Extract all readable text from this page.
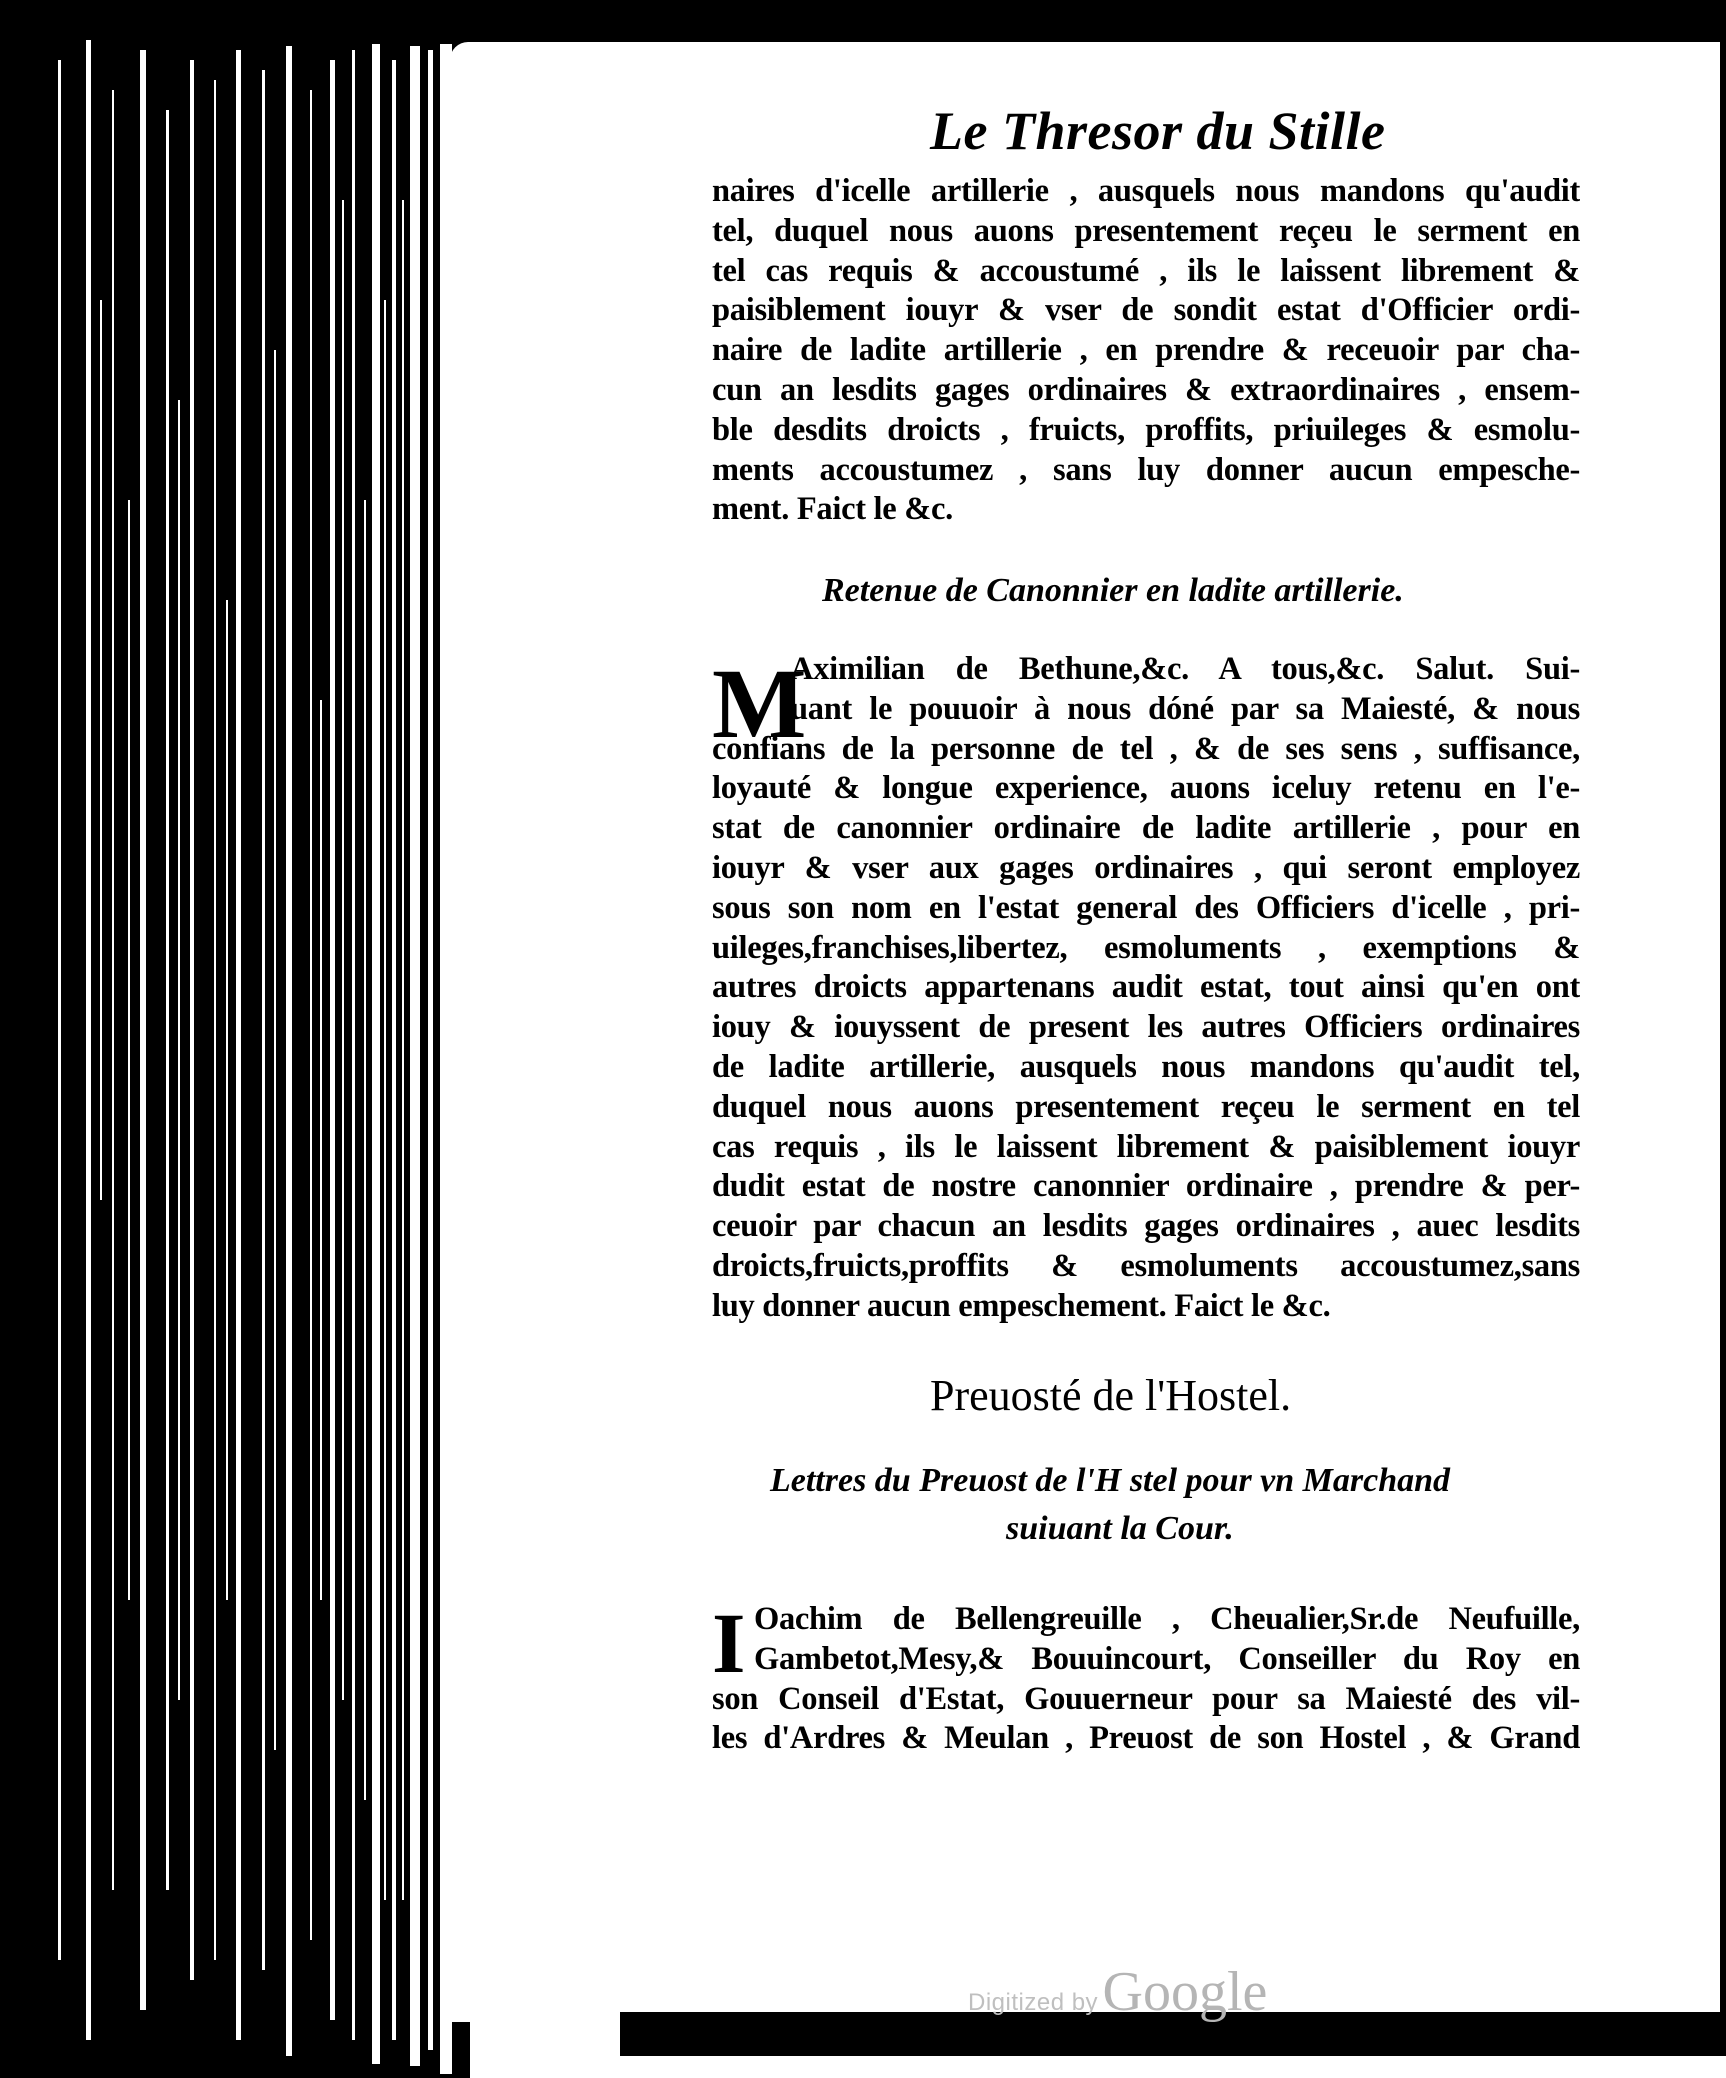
Le Thresor du Stille
naires d'icelle artillerie , ausquels nous mandons qu'audit
tel, duquel nous auons presentement reçeu le serment en
tel cas requis & accoustumé , ils le laissent librement &
paisiblement iouyr & vser de sondit estat d'Officier ordi-
naire de ladite artillerie , en prendre & receuoir par cha-
cun an lesdits gages ordinaires & extraordinaires , ensem-
ble desdits droicts , fruicts, proffits, priuileges & esmolu-
ments accoustumez , sans luy donner aucun empesche-
ment. Faict le &c.
Retenue de Canonnier en ladite artillerie.
M
Aximilian de Bethune,&c. A tous,&c. Salut. Sui-
uant le pouuoir à nous dóné par sa Maiesté, & nous
confians de la personne de tel , & de ses sens , suffisance,
loyauté & longue experience, auons iceluy retenu en l'e-
stat de canonnier ordinaire de ladite artillerie , pour en
iouyr & vser aux gages ordinaires , qui seront employez
sous son nom en l'estat general des Officiers d'icelle , pri-
uileges,franchises,libertez, esmoluments , exemptions &
autres droicts appartenans audit estat, tout ainsi qu'en ont
iouy & iouyssent de present les autres Officiers ordinaires
de ladite artillerie, ausquels nous mandons qu'audit tel,
duquel nous auons presentement reçeu le serment en tel
cas requis , ils le laissent librement & paisiblement iouyr
dudit estat de nostre canonnier ordinaire , prendre & per-
ceuoir par chacun an lesdits gages ordinaires , auec lesdits
droicts,fruicts,proffits & esmoluments accoustumez,sans
luy donner aucun empeschement. Faict le &c.
Preuosté de l'Hostel.
Lettres du Preuost de l'H stel pour vn Marchand
suiuant la Cour.
I Oachim de Bellengreuille , Cheualier,Sr.de Neufuille,
Gambetot,Mesy,& Bouuincourt, Conseiller du Roy en
son Conseil d'Estat, Gouuerneur pour sa Maiesté des vil-
les d'Ardres & Meulan , Preuost de son Hostel , & Grand
Digitized by Google
